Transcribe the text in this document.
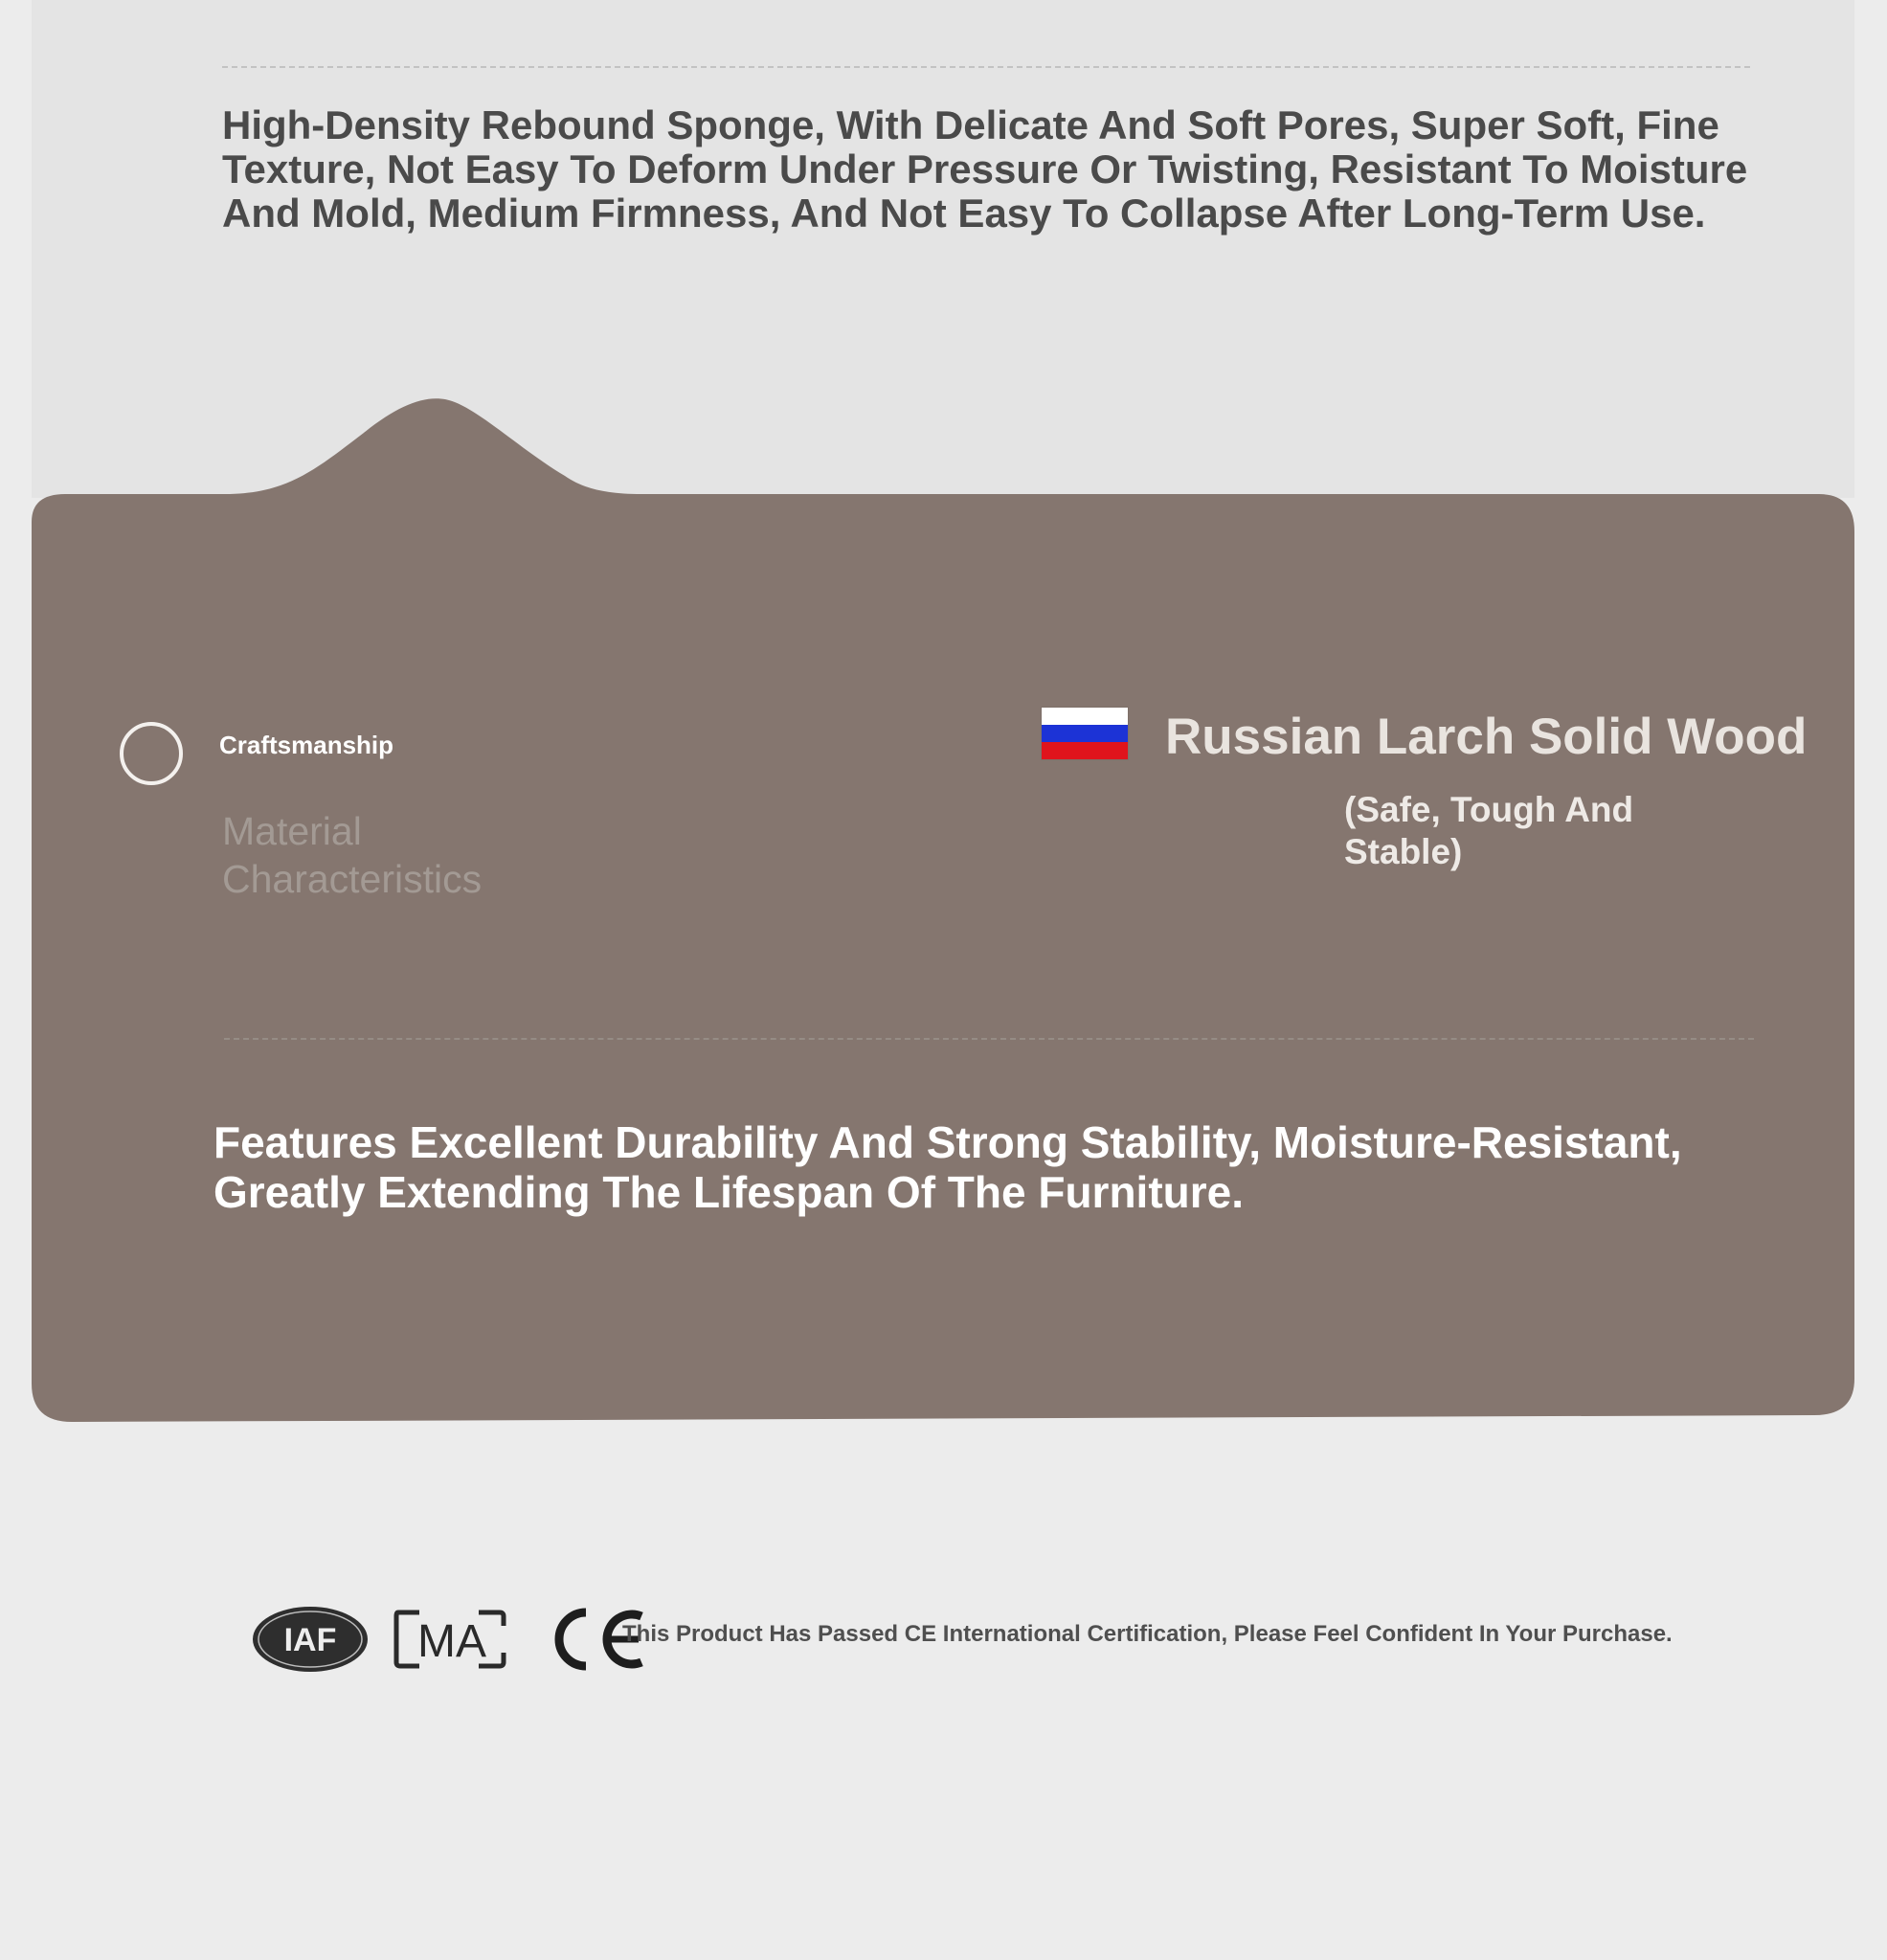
High-Density Rebound Sponge, With Delicate And Soft Pores, Super Soft, Fine Texture, Not Easy To Deform Under Pressure Or Twisting, Resistant To Moisture And Mold, Medium Firmness, And Not Easy To Collapse After Long-Term Use.

Craftsmanship
Material Characteristics
Russian Larch Solid Wood
(Safe, Tough And Stable)

Features Excellent Durability And Strong Stability, Moisture-Resistant, Greatly Extending The Lifespan Of The Furniture.

IAF MA	This Product Has Passed CE International Certification, Please Feel Confident In Your Purchase.
